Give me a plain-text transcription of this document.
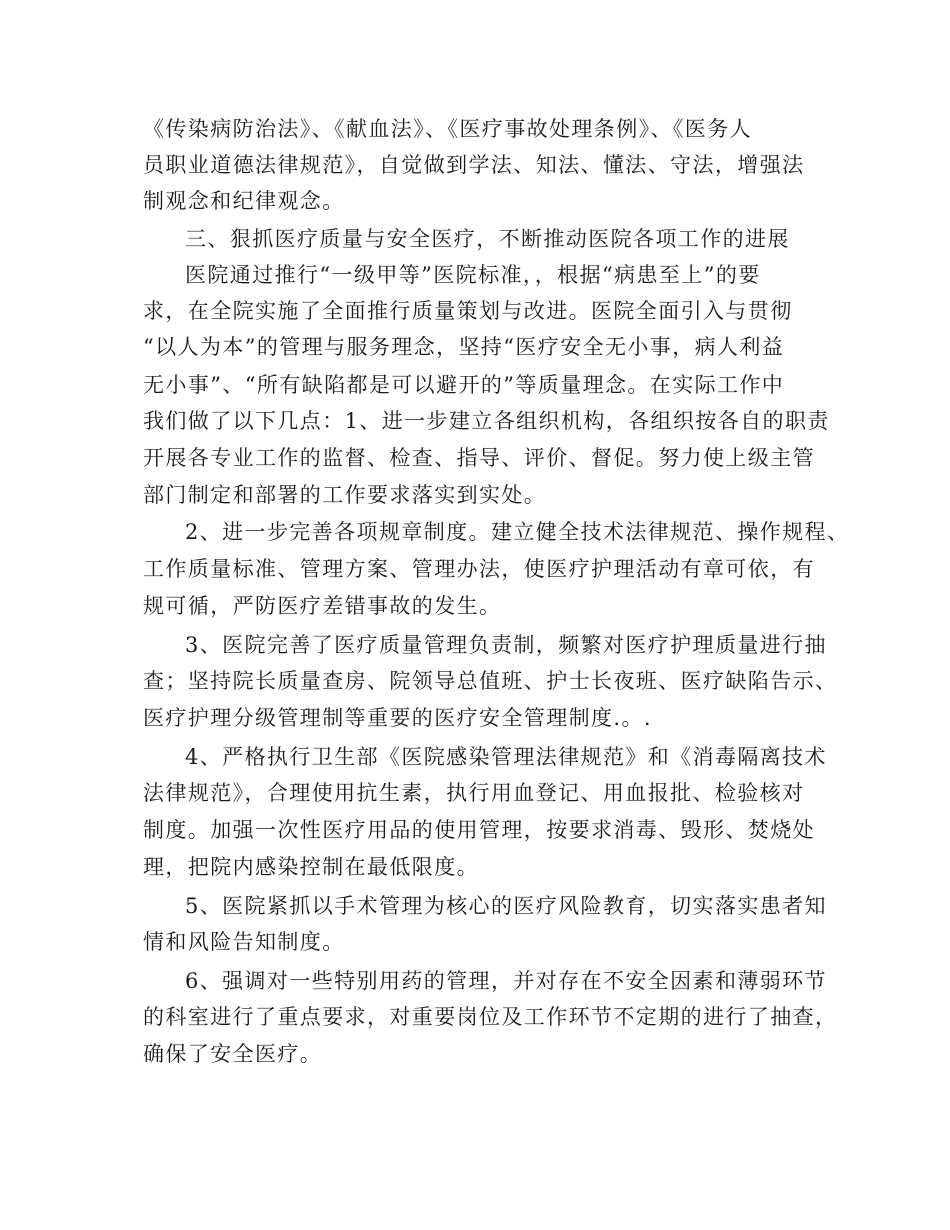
《传染病防治法》、《献血法》、《医疗事故处理条例》、《医务人
员职业道德法律规范》，自觉做到学法、知法、懂法、守法，增强法
制观念和纪律观念。
三、狠抓医疗质量与安全医疗，不断推动医院各项工作的进展
医院通过推行“一级甲等”医院标准，，根据“病患至上”的要
求，在全院实施了全面推行质量策划与改进。医院全面引入与贯彻
“以人为本”的管理与服务理念，坚持“医疗安全无小事，病人利益
无小事”、“所有缺陷都是可以避开的”等质量理念。在实际工作中
我们做了以下几点：1、进一步建立各组织机构，各组织按各自的职责
开展各专业工作的监督、检查、指导、评价、督促。努力使上级主管
部门制定和部署的工作要求落实到实处。
2、进一步完善各项规章制度。建立健全技术法律规范、操作规程、
工作质量标准、管理方案、管理办法，使医疗护理活动有章可依，有
规可循，严防医疗差错事故的发生。
3、医院完善了医疗质量管理负责制，频繁对医疗护理质量进行抽
查；坚持院长质量查房、院领导总值班、护士长夜班、医疗缺陷告示、
医疗护理分级管理制等重要的医疗安全管理制度.。.
4、严格执行卫生部《医院感染管理法律规范》和《消毒隔离技术
法律规范》，合理使用抗生素，执行用血登记、用血报批、检验核对
制度。加强一次性医疗用品的使用管理，按要求消毒、毁形、焚烧处
理，把院内感染控制在最低限度。
5、医院紧抓以手术管理为核心的医疗风险教育，切实落实患者知
情和风险告知制度。
6、强调对一些特别用药的管理，并对存在不安全因素和薄弱环节
的科室进行了重点要求，对重要岗位及工作环节不定期的进行了抽查，
确保了安全医疗。
